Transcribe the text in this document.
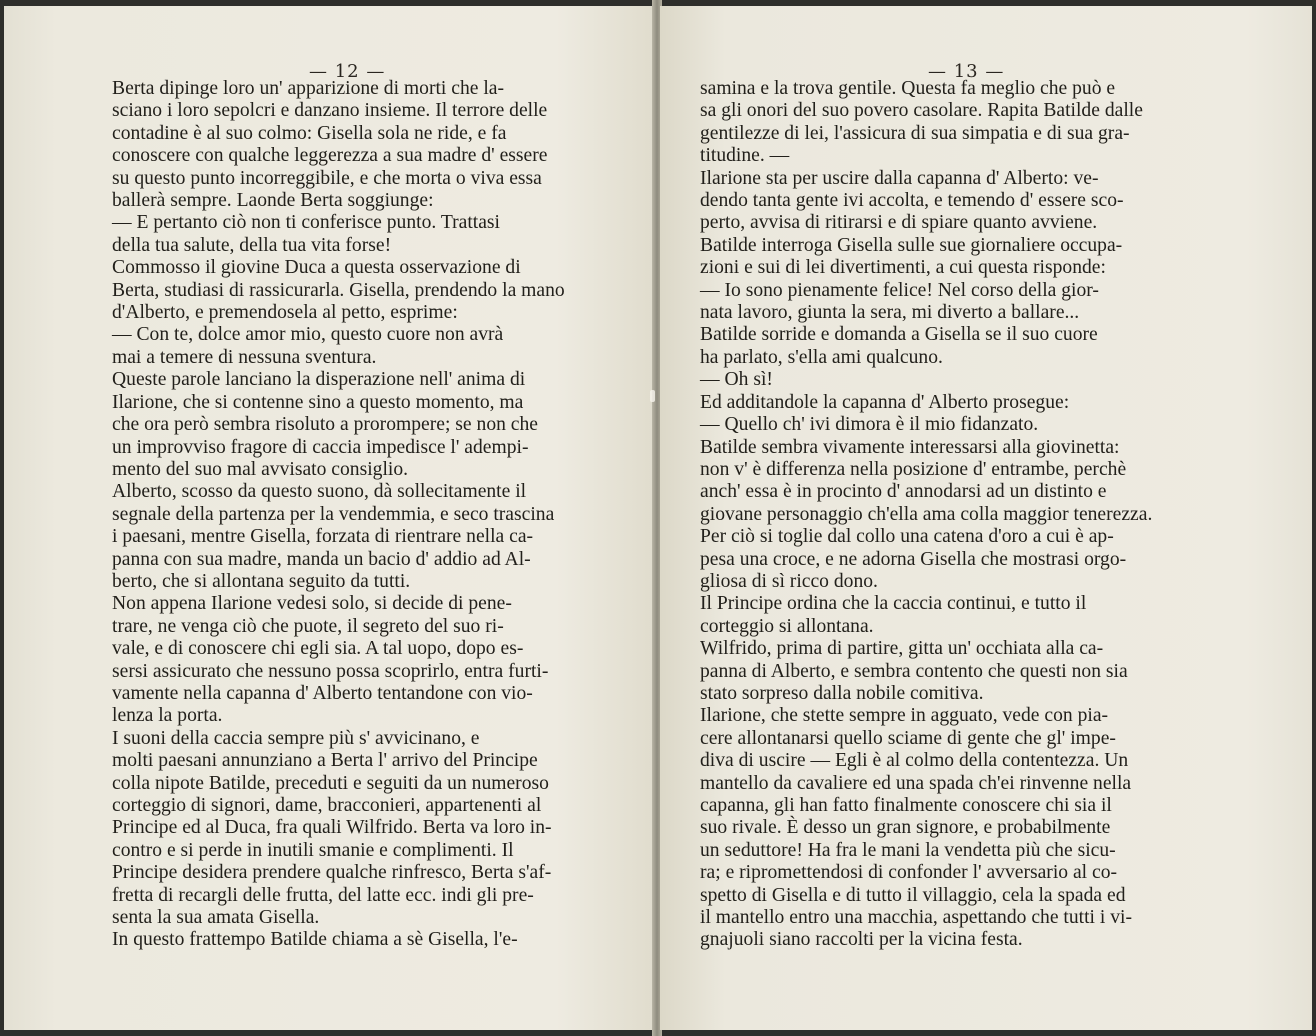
— 12 —
Berta dipinge loro un' apparizione di morti che la-
sciano i loro sepolcri e danzano insieme. Il terrore delle
contadine è al suo colmo: Gisella sola ne ride, e fa
conoscere con qualche leggerezza a sua madre d' essere
su questo punto incorreggibile, e che morta o viva essa
ballerà sempre. Laonde Berta soggiunge:
— E pertanto ciò non ti conferisce punto. Trattasi
della tua salute, della tua vita forse!
Commosso il giovine Duca a questa osservazione di
Berta, studiasi di rassicurarla. Gisella, prendendo la mano
d'Alberto, e premendosela al petto, esprime:
— Con te, dolce amor mio, questo cuore non avrà
mai a temere di nessuna sventura.
Queste parole lanciano la disperazione nell' anima di
Ilarione, che si contenne sino a questo momento, ma
che ora però sembra risoluto a prorompere; se non che
un improvviso fragore di caccia impedisce l' adempi-
mento del suo mal avvisato consiglio.
Alberto, scosso da questo suono, dà sollecitamente il
segnale della partenza per la vendemmia, e seco trascina
i paesani, mentre Gisella, forzata di rientrare nella ca-
panna con sua madre, manda un bacio d' addio ad Al-
berto, che si allontana seguito da tutti.
Non appena Ilarione vedesi solo, si decide di pene-
trare, ne venga ciò che puote, il segreto del suo ri-
vale, e di conoscere chi egli sia. A tal uopo, dopo es-
sersi assicurato che nessuno possa scoprirlo, entra furti-
vamente nella capanna d' Alberto tentandone con vio-
lenza la porta.
I suoni della caccia sempre più s' avvicinano, e
molti paesani annunziano a Berta l' arrivo del Principe
colla nipote Batilde, preceduti e seguiti da un numeroso
corteggio di signori, dame, bracconieri, appartenenti al
Principe ed al Duca, fra quali Wilfrido. Berta va loro in-
contro e si perde in inutili smanie e complimenti. Il
Principe desidera prendere qualche rinfresco, Berta s'af-
fretta di recargli delle frutta, del latte ecc. indi gli pre-
senta la sua amata Gisella.
In questo frattempo Batilde chiama a sè Gisella, l'e-
— 13 —
samina e la trova gentile. Questa fa meglio che può e
sa gli onori del suo povero casolare. Rapita Batilde dalle
gentilezze di lei, l'assicura di sua simpatia e di sua gra-
titudine. —
Ilarione sta per uscire dalla capanna d' Alberto: ve-
dendo tanta gente ivi accolta, e temendo d' essere sco-
perto, avvisa di ritirarsi e di spiare quanto avviene.
Batilde interroga Gisella sulle sue giornaliere occupa-
zioni e sui di lei divertimenti, a cui questa risponde:
— Io sono pienamente felice! Nel corso della gior-
nata lavoro, giunta la sera, mi diverto a ballare...
Batilde sorride e domanda a Gisella se il suo cuore
ha parlato, s'ella ami qualcuno.
— Oh sì!
Ed additandole la capanna d' Alberto prosegue:
— Quello ch' ivi dimora è il mio fidanzato.
Batilde sembra vivamente interessarsi alla giovinetta:
non v' è differenza nella posizione d' entrambe, perchè
anch' essa è in procinto d' annodarsi ad un distinto e
giovane personaggio ch'ella ama colla maggior tenerezza.
Per ciò si toglie dal collo una catena d'oro a cui è ap-
pesa una croce, e ne adorna Gisella che mostrasi orgo-
gliosa di sì ricco dono.
Il Principe ordina che la caccia continui, e tutto il
corteggio si allontana.
Wilfrido, prima di partire, gitta un' occhiata alla ca-
panna di Alberto, e sembra contento che questi non sia
stato sorpreso dalla nobile comitiva.
Ilarione, che stette sempre in agguato, vede con pia-
cere allontanarsi quello sciame di gente che gl' impe-
diva di uscire — Egli è al colmo della contentezza. Un
mantello da cavaliere ed una spada ch'ei rinvenne nella
capanna, gli han fatto finalmente conoscere chi sia il
suo rivale. È desso un gran signore, e probabilmente
un seduttore! Ha fra le mani la vendetta più che sicu-
ra; e ripromettendosi di confonder l' avversario al co-
spetto di Gisella e di tutto il villaggio, cela la spada ed
il mantello entro una macchia, aspettando che tutti i vi-
gnajuoli siano raccolti per la vicina festa.
